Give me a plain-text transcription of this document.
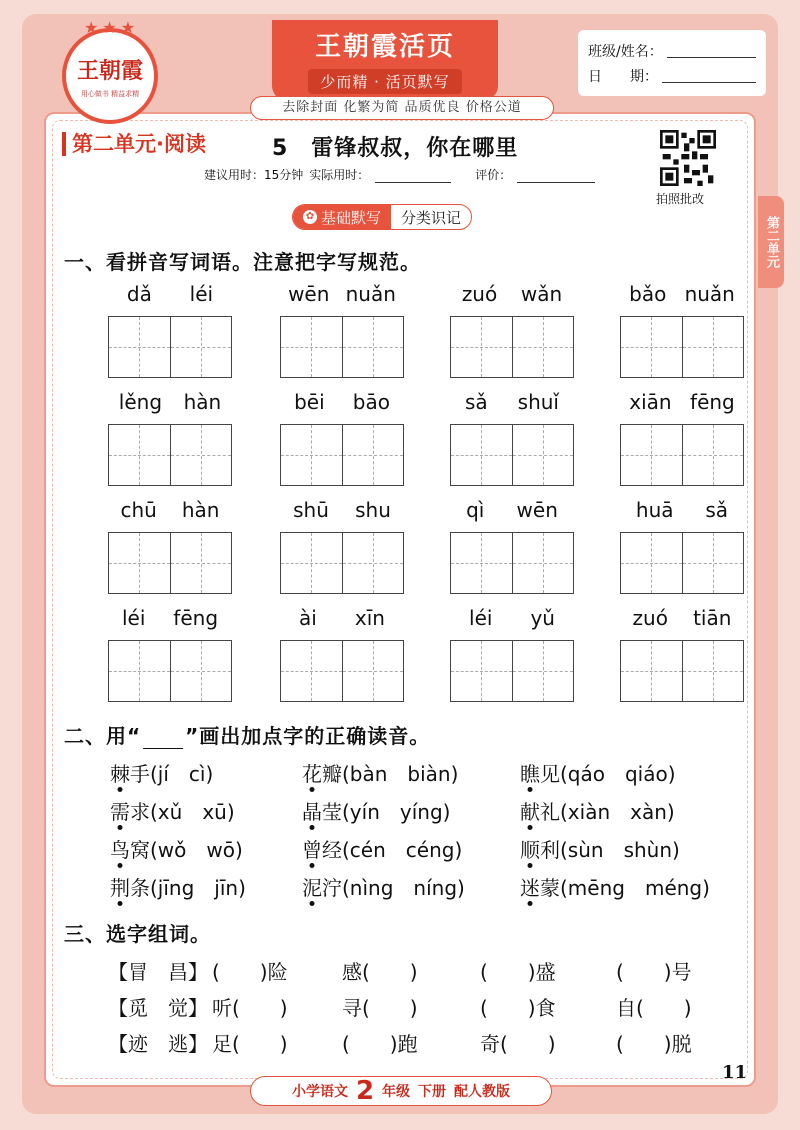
★★★
王朝霞
用心做书 精益求精
王朝霞活页
少而精 · 活页默写
班级/姓名：
日　　期：
去除封面 化繁为简 品质优良 价格公道
第二单元
第二单元·阅读	5　雷锋叔叔，你在哪里
建议用时：15分钟 实际用时：	评价：
拍照批改
✿ 基础默写	分类识记
一、看拼音写词语。注意把字写规范。
dǎ léi	wēn nuǎn	zuó wǎn	bǎo nuǎn
lěng hàn	bēi bāo	sǎ shuǐ	xiān fēng
chū hàn	shū shu	qì wēn	huā sǎ
léi fēng	ài xīn	léi yǔ	zuó tiān
二、用“ ”画出加点字的正确读音。
棘手(jí　cì)	花瓣(bàn　biàn)	瞧见(qáo　qiáo)
需求(xǔ　xū)	晶莹(yín　yíng)	献礼(xiàn　xàn)
鸟窝(wǒ　wō)	曾经(cén　céng)	顺利(sùn　shùn)
荆条(jīng　jīn)	泥泞(nìng　níng)	迷蒙(mēng　méng)
三、选字组词。
【冒　昌】 (　　)险	感(　　)	(　　)盛	(　　)号
【觅　觉】 听(　　)	寻(　　)	(　　)食	自(　　)
【迹　逃】 足(　　)	(　　)跑	奇(　　)	(　　)脱
小学语文 2 年级 下册 配人教版
11
